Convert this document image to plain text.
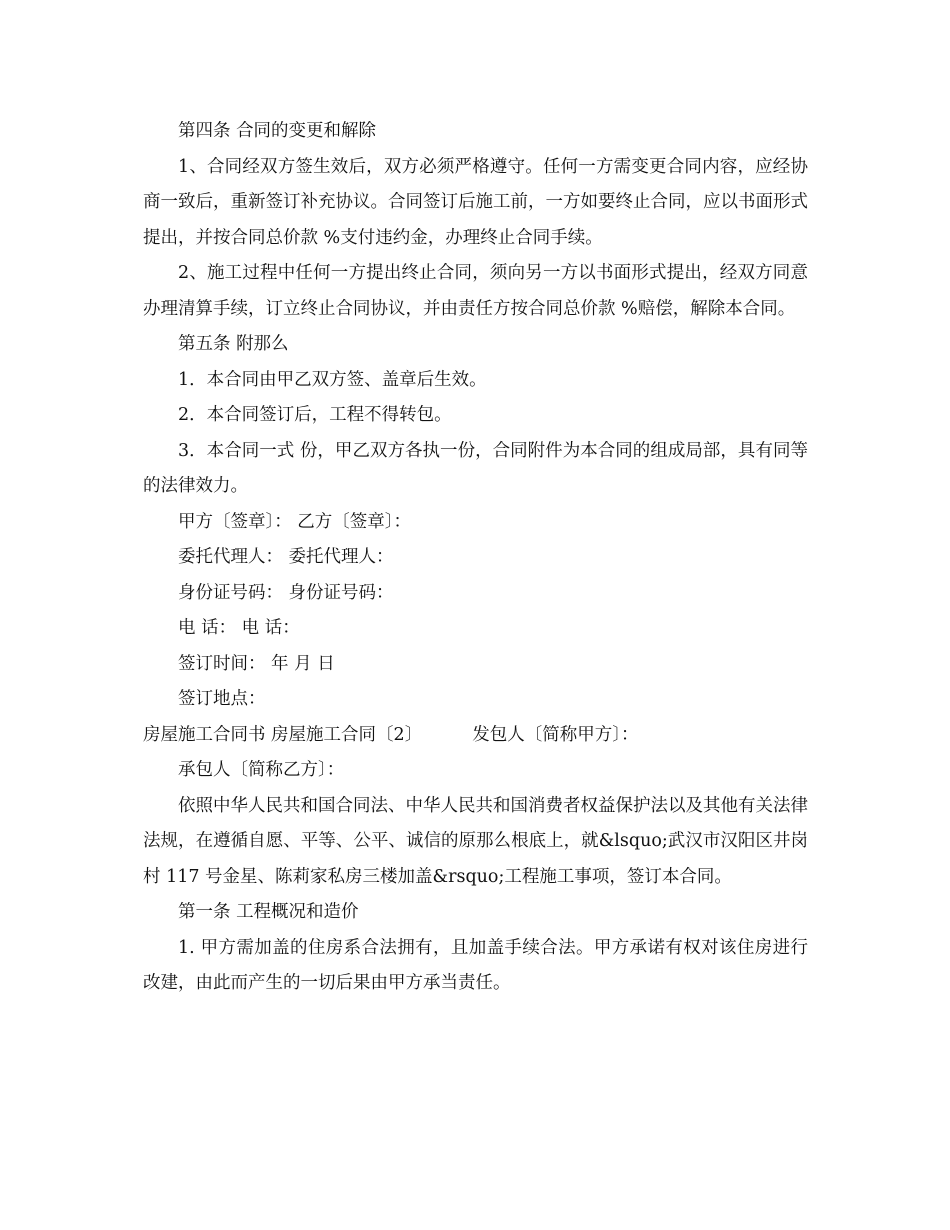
第四条 合同的变更和解除

1、合同经双方签生效后，双方必须严格遵守。任何一方需变更合同内容，应经协商一致后，重新签订补充协议。合同签订后施工前，一方如要终止合同，应以书面形式提出，并按合同总价款 %支付违约金，办理终止合同手续。

2、施工过程中任何一方提出终止合同，须向另一方以书面形式提出，经双方同意办理清算手续，订立终止合同协议，并由责任方按合同总价款 %赔偿，解除本合同。

第五条 附那么

1．本合同由甲乙双方签、盖章后生效。

2．本合同签订后，工程不得转包。

3．本合同一式 份，甲乙双方各执一份，合同附件为本合同的组成局部，具有同等的法律效力。

甲方〔签章〕： 乙方〔签章〕：

委托代理人： 委托代理人：

身份证号码： 身份证号码：

电 话： 电 话：

签订时间： 年 月 日

签订地点：

房屋施工合同书 房屋施工合同〔2〕	发包人〔简称甲方〕：

承包人〔简称乙方〕：

依照中华人民共和国合同法、中华人民共和国消费者权益保护法以及其他有关法律法规，在遵循自愿、平等、公平、诚信的原那么根底上，就&lsquo;武汉市汉阳区井岗村 117 号金星、陈莉家私房三楼加盖&rsquo;工程施工事项，签订本合同。

第一条 工程概况和造价

1. 甲方需加盖的住房系合法拥有，且加盖手续合法。甲方承诺有权对该住房进行改建，由此而产生的一切后果由甲方承当责任。
